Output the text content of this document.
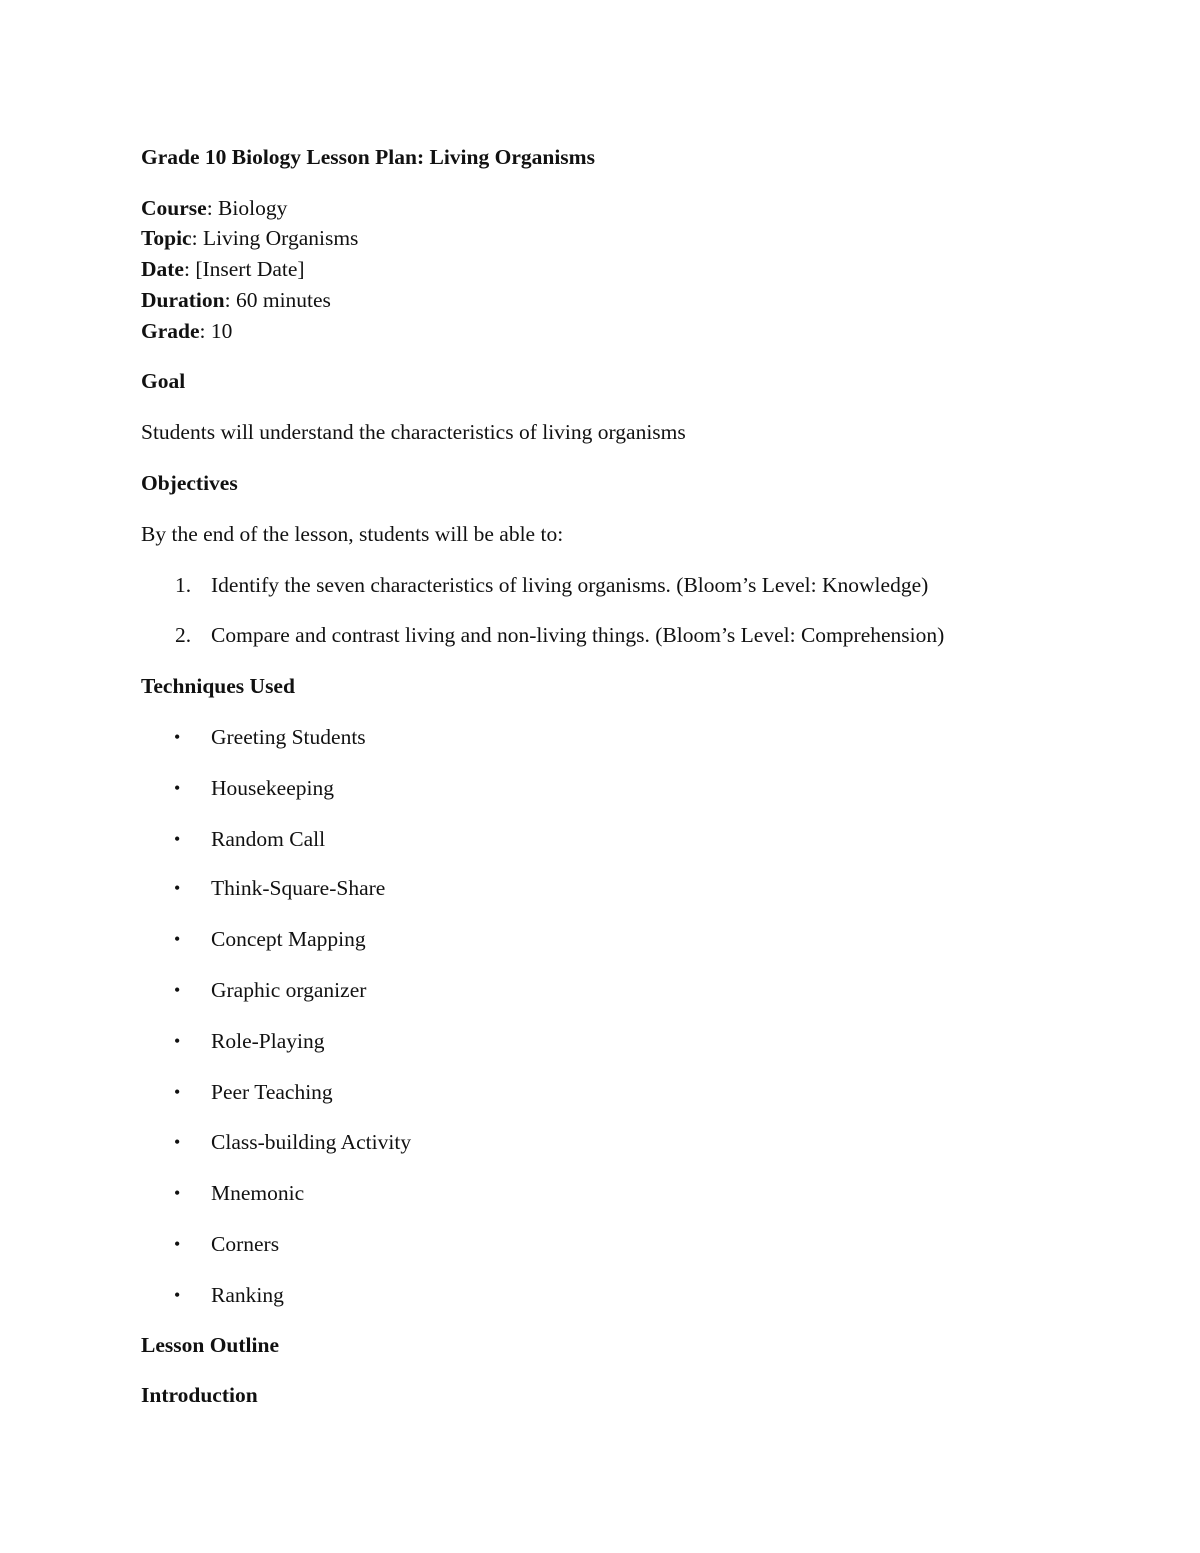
Grade 10 Biology Lesson Plan: Living Organisms
Course: Biology
Topic: Living Organisms
Date: [Insert Date]
Duration: 60 minutes
Grade: 10
Goal
Students will understand the characteristics of living organisms
Objectives
By the end of the lesson, students will be able to:
1. Identify the seven characteristics of living organisms. (Bloom’s Level: Knowledge)
2. Compare and contrast living and non-living things. (Bloom’s Level: Comprehension)
Techniques Used
• Greeting Students
• Housekeeping
• Random Call
• Think-Square-Share
• Concept Mapping
• Graphic organizer
• Role-Playing
• Peer Teaching
• Class-building Activity
• Mnemonic
• Corners
• Ranking
Lesson Outline
Introduction
